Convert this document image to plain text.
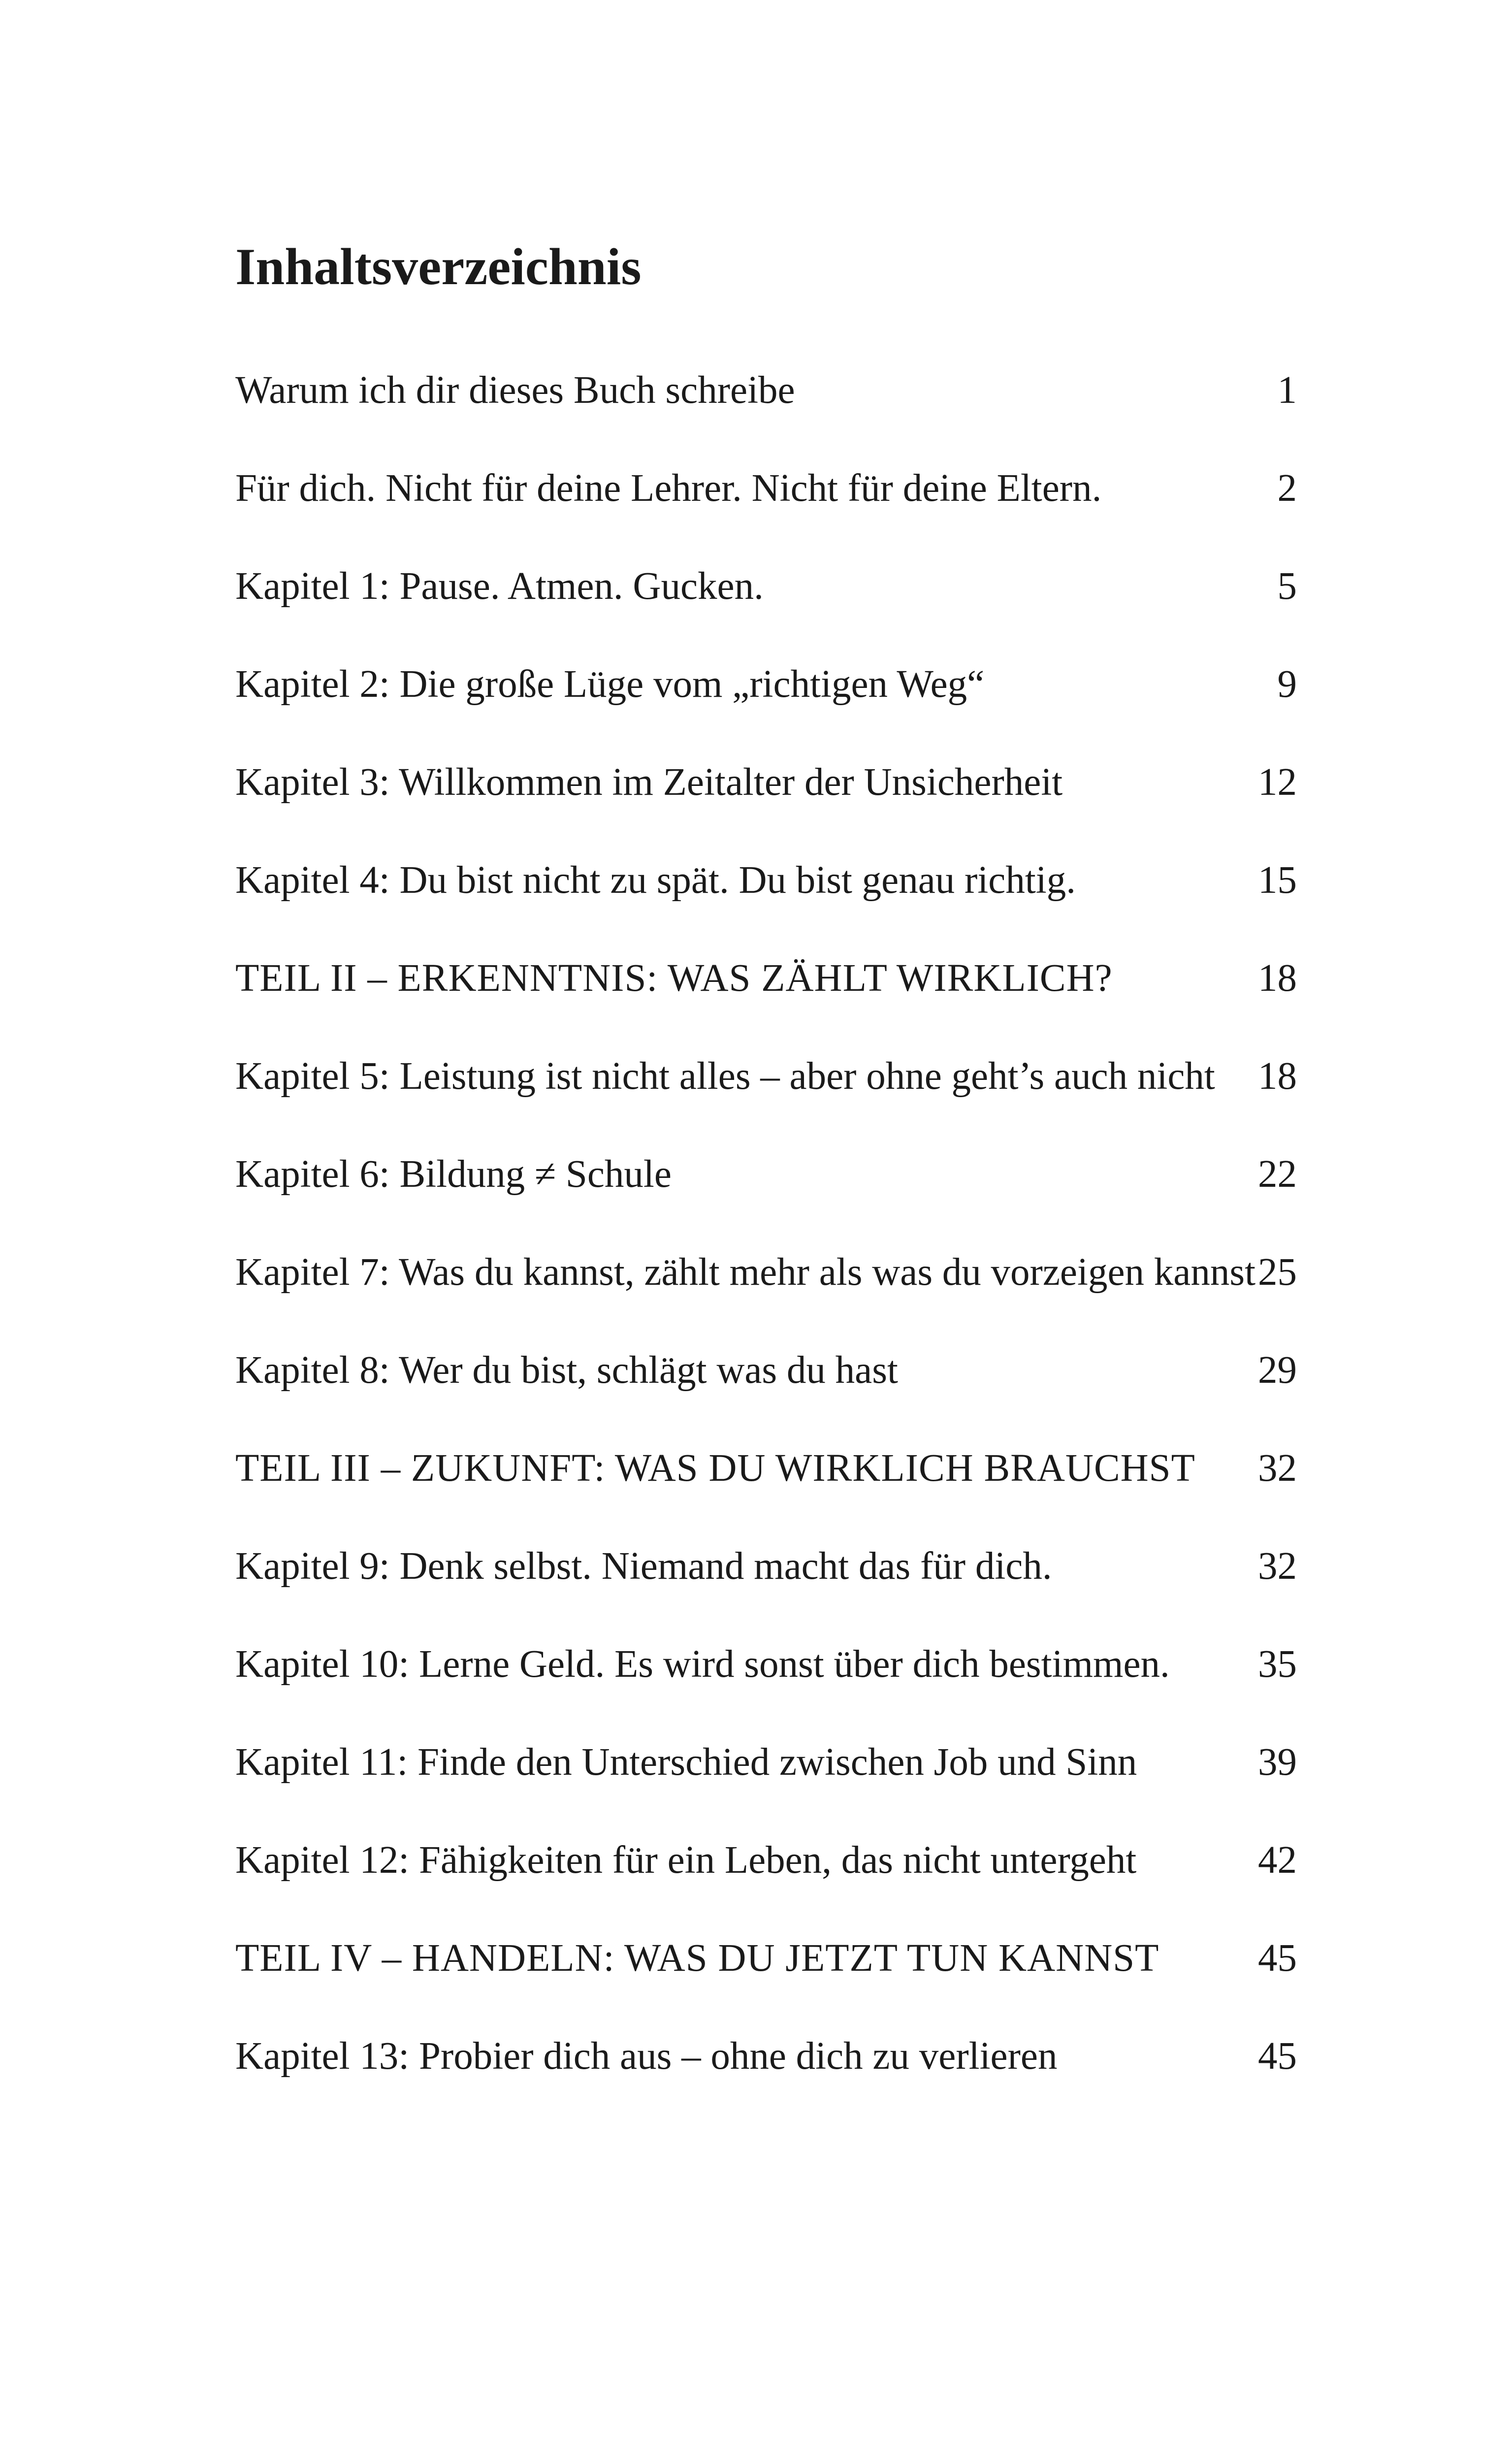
Inhaltsverzeichnis
Warum ich dir dieses Buch schreibe	1
Für dich. Nicht für deine Lehrer. Nicht für deine Eltern.	2
Kapitel 1: Pause. Atmen. Gucken.	5
Kapitel 2: Die große Lüge vom „richtigen Weg“	9
Kapitel 3: Willkommen im Zeitalter der Unsicherheit	12
Kapitel 4: Du bist nicht zu spät. Du bist genau richtig.	15
TEIL II – ERKENNTNIS: WAS ZÄHLT WIRKLICH?	18
Kapitel 5: Leistung ist nicht alles – aber ohne geht’s auch nicht 18
Kapitel 6: Bildung ≠ Schule	22
Kapitel 7: Was du kannst, zählt mehr als was du vorzeigen kannst 25
Kapitel 8: Wer du bist, schlägt was du hast	29
TEIL III – ZUKUNFT: WAS DU WIRKLICH BRAUCHST 32
Kapitel 9: Denk selbst. Niemand macht das für dich.	32
Kapitel 10: Lerne Geld. Es wird sonst über dich bestimmen. 35
Kapitel 11: Finde den Unterschied zwischen Job und Sinn	39
Kapitel 12: Fähigkeiten für ein Leben, das nicht untergeht	42
TEIL IV – HANDELN: WAS DU JETZT TUN KANNST	45
Kapitel 13: Probier dich aus – ohne dich zu verlieren	45
